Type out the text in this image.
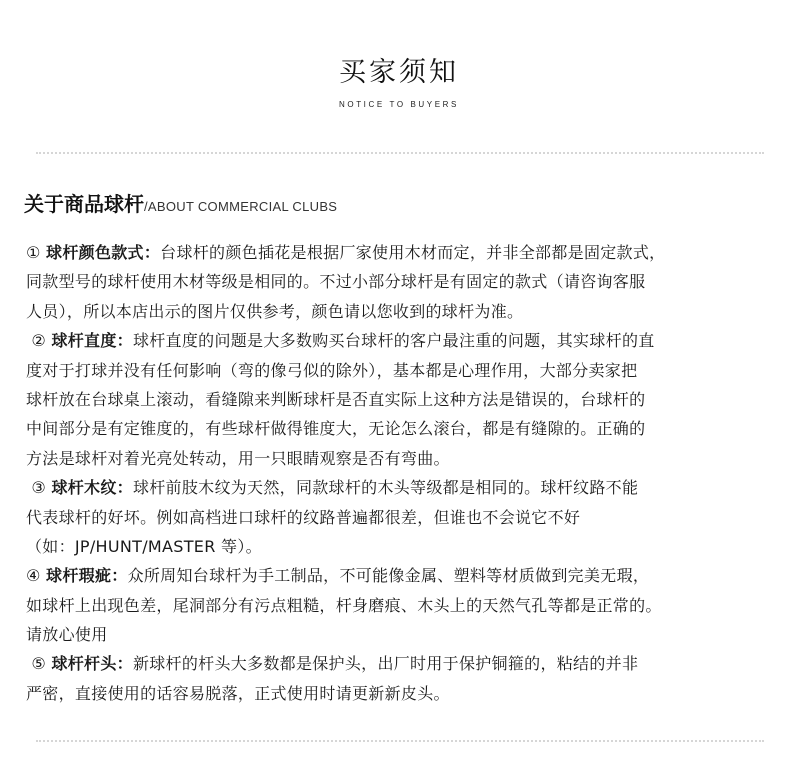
买家须知
NOTICE TO BUYERS
关于商品球杆/ABOUT COMMERCIAL CLUBS
① 球杆颜色款式：台球杆的颜色插花是根据厂家使用木材而定，并非全部都是固定款式，
同款型号的球杆使用木材等级是相同的。不过小部分球杆是有固定的款式（请咨询客服
人员），所以本店出示的图片仅供参考，颜色请以您收到的球杆为准。
② 球杆直度：球杆直度的问题是大多数购买台球杆的客户最注重的问题，其实球杆的直
度对于打球并没有任何影响（弯的像弓似的除外），基本都是心理作用，大部分卖家把
球杆放在台球桌上滚动，看缝隙来判断球杆是否直实际上这种方法是错误的，台球杆的
中间部分是有定锥度的，有些球杆做得锥度大，无论怎么滚台，都是有缝隙的。正确的
方法是球杆对着光亮处转动，用一只眼睛观察是否有弯曲。
③ 球杆木纹：球杆前肢木纹为天然，同款球杆的木头等级都是相同的。球杆纹路不能
代表球杆的好坏。例如高档进口球杆的纹路普遍都很差，但谁也不会说它不好
（如：JP/HUNT/MASTER 等）。
④ 球杆瑕疵：众所周知台球杆为手工制品，不可能像金属、塑料等材质做到完美无瑕，
如球杆上出现色差，尾洞部分有污点粗糙，杆身磨痕、木头上的天然气孔等都是正常的。
请放心使用
⑤ 球杆杆头：新球杆的杆头大多数都是保护头，出厂时用于保护铜箍的，粘结的并非
严密，直接使用的话容易脱落，正式使用时请更新新皮头。
